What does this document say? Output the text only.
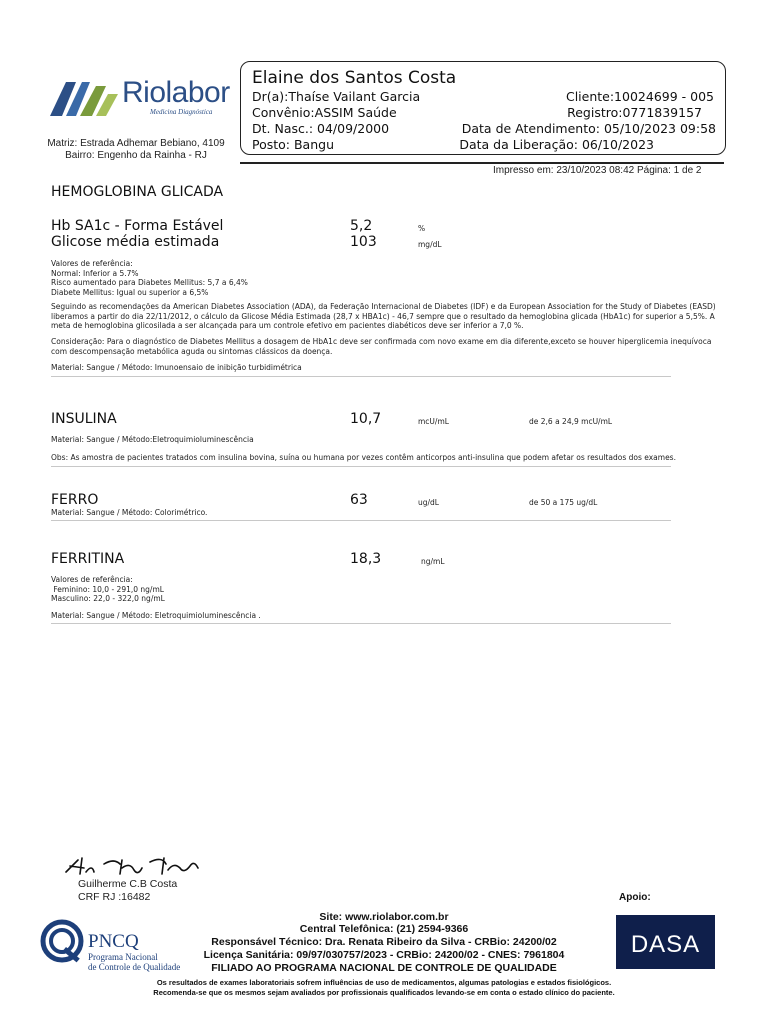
Riolabor
Medicina Diagnóstica
Matriz: Estrada Adhemar Bebiano, 4109
Bairro: Engenho da Rainha - RJ
Elaine dos Santos Costa
Dr(a):Thaíse Vailant Garcia
Convênio:ASSIM Saúde
Dt. Nasc.: 04/09/2000
Posto: Bangu
Cliente:10024699 - 005
Registro:0771839157
Data de Atendimento: 05/10/2023 09:58
Data da Liberação: 06/10/2023
Impresso em: 23/10/2023 08:42 Página: 1 de 2
HEMOGLOBINA GLICADA
Hb SA1c - Forma Estável	5,2	%
Glicose média estimada	103	mg/dL
Valores de referência:
Normal: Inferior a 5.7%
Risco aumentado para Diabetes Mellitus: 5,7 a 6,4%
Diabete Mellitus: Igual ou superior a 6,5%
Seguindo as recomendações da American Diabetes Association (ADA), da Federação Internacional de Diabetes (IDF) e da European Association for the Study of Diabetes (EASD) liberamos a partir do dia 22/11/2012, o cálculo da Glicose Média Estimada (28,7 x HBA1c) - 46,7 sempre que o resultado da hemoglobina glicada (HbA1c) for superior a 5,5%. A meta de hemoglobina glicosilada a ser alcançada para um controle efetivo em pacientes diabéticos deve ser inferior a 7,0 %.
Consideração: Para o diagnóstico de Diabetes Mellitus a dosagem de HbA1c deve ser confirmada com novo exame em dia diferente,exceto se houver hiperglicemia inequívoca com descompensação metabólica aguda ou sintomas clássicos da doença.
Material: Sangue / Método: Imunoensaio de inibição turbidimétrica
INSULINA	10,7	mcU/mL	de 2,6 a 24,9 mcU/mL
Material: Sangue / Método:Eletroquimioluminescência
Obs: As amostra de pacientes tratados com insulina bovina, suína ou humana por vezes contêm anticorpos anti-insulina que podem afetar os resultados dos exames.
FERRO	63	ug/dL	de 50 a 175 ug/dL
Material: Sangue / Método: Colorimétrico.
FERRITINA	18,3	ng/mL
Valores de referência:
Feminino: 10,0 - 291,0 ng/mL
Masculino: 22,0 - 322,0 ng/mL
Material: Sangue / Método: Eletroquimioluminescência .
Guilherme C.B Costa
CRF RJ :16482	Apoio:
DASA
PNCQ
Programa Nacional
de Controle de Qualidade
Site: www.riolabor.com.br
Central Telefônica: (21) 2594-9366
Responsável Técnico: Dra. Renata Ribeiro da Silva - CRBio: 24200/02
Licença Sanitária: 09/97/030757/2023 - CRBio: 24200/02 - CNES: 7961804
FILIADO AO PROGRAMA NACIONAL DE CONTROLE DE QUALIDADE
Os resultados de exames laboratoriais sofrem influências de uso de medicamentos, algumas patologias e estados fisiológicos.
Recomenda-se que os mesmos sejam avaliados por profissionais qualificados levando-se em conta o estado clínico do paciente.
